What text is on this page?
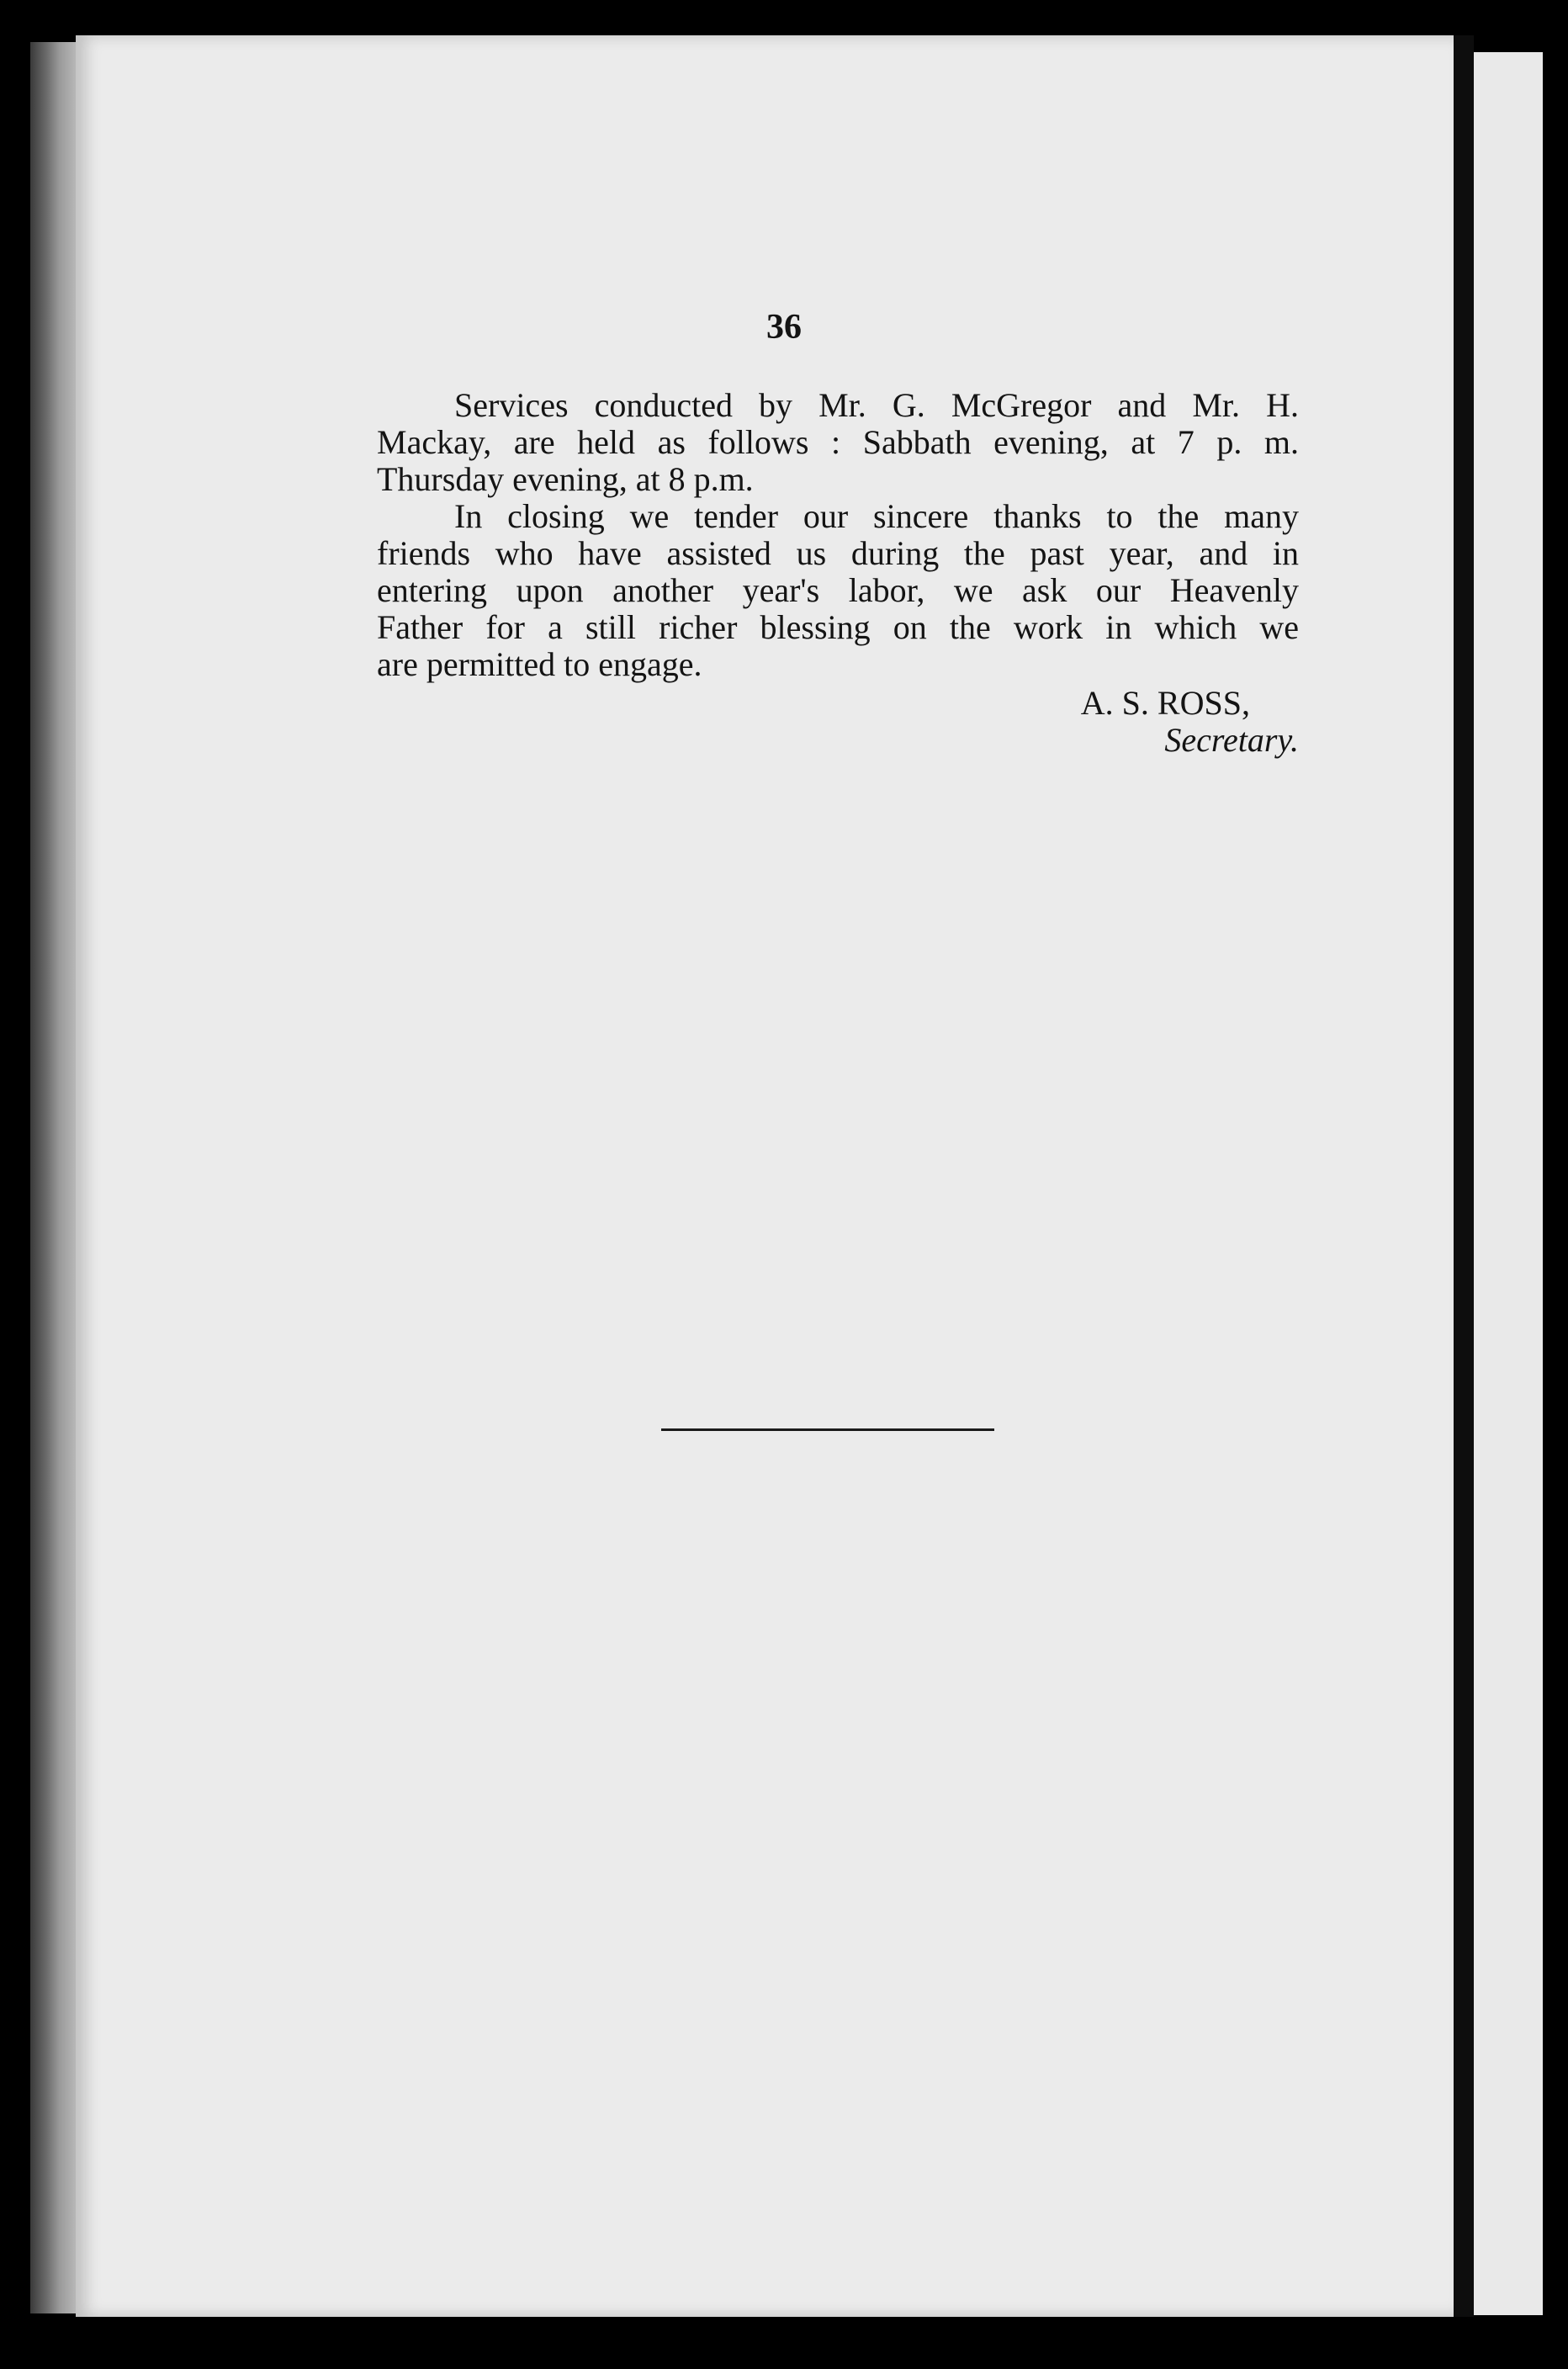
36

Services conducted by Mr. G. McGregor and Mr. H.
Mackay, are held as follows : Sabbath evening, at 7 p. m.
Thursday evening, at 8 p.m.

In closing we tender our sincere thanks to the many
friends who have assisted us during the past year, and in
entering upon another year's labor, we ask our Heavenly
Father for a still richer blessing on the work in which we
are permitted to engage.

A. S. ROSS,
Secretary.
